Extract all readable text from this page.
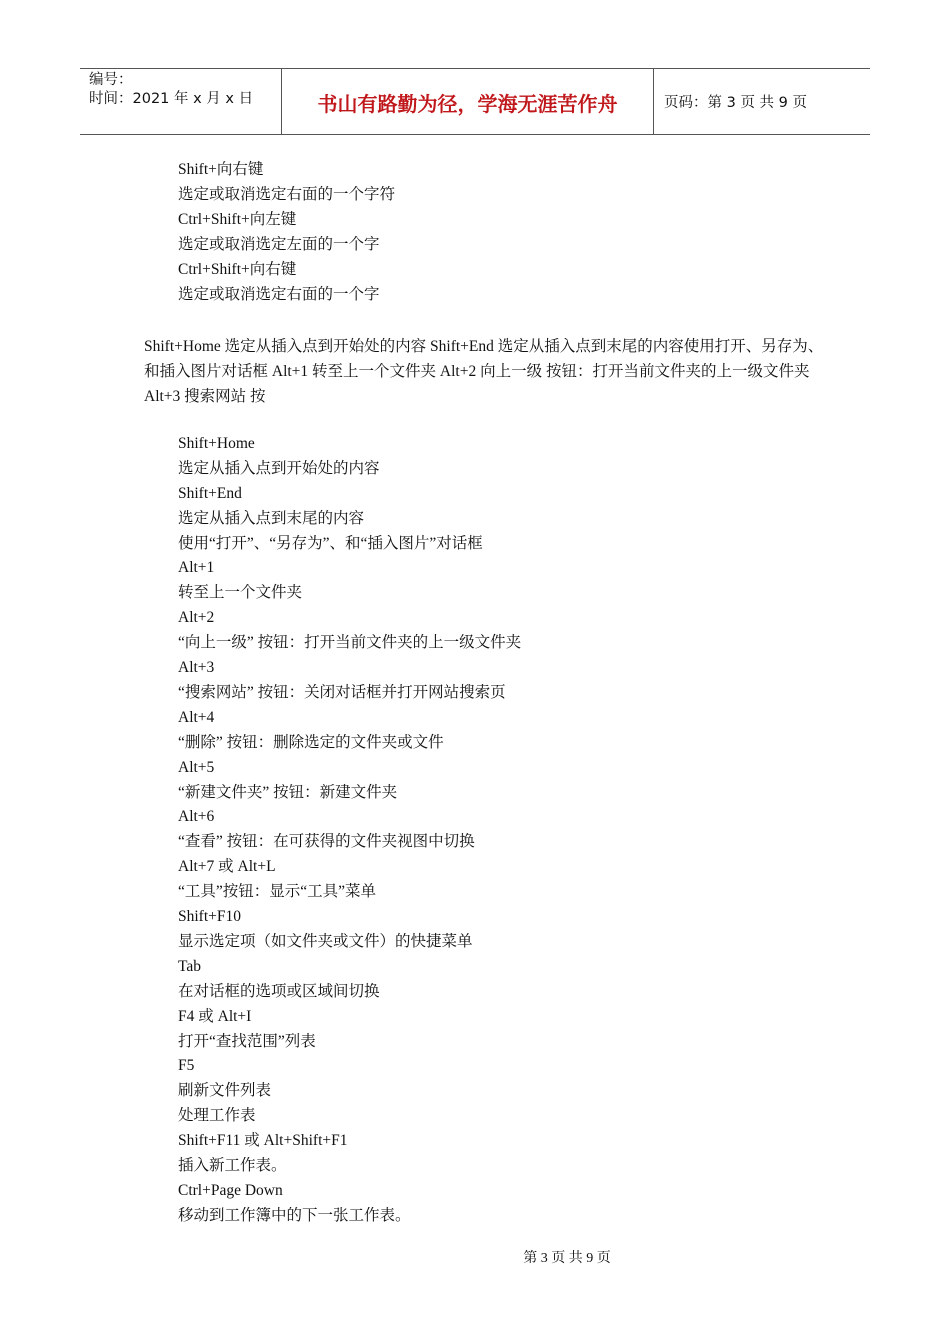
编号：
时间：2021 年 x 月 x 日	书山有路勤为径，学海无涯苦作舟	页码：第 3 页 共 9 页
Shift+向右键
选定或取消选定右面的一个字符
Ctrl+Shift+向左键
选定或取消选定左面的一个字
Ctrl+Shift+向右键
选定或取消选定右面的一个字
Shift+Home 选定从插入点到开始处的内容 Shift+End 选定从插入点到末尾的内容使用打开、另存为、和插入图片对话框 Alt+1 转至上一个文件夹 Alt+2 向上一级 按钮：打开当前文件夹的上一级文件夹 Alt+3 搜索网站 按
Shift+Home
选定从插入点到开始处的内容
Shift+End
选定从插入点到末尾的内容
使用“打开”、“另存为”、和“插入图片”对话框
Alt+1
转至上一个文件夹
Alt+2
“向上一级” 按钮：打开当前文件夹的上一级文件夹
Alt+3
“搜索网站” 按钮：关闭对话框并打开网站搜索页
Alt+4
“删除” 按钮：删除选定的文件夹或文件
Alt+5
“新建文件夹” 按钮：新建文件夹
Alt+6
“查看” 按钮：在可获得的文件夹视图中切换
Alt+7 或 Alt+L
“工具”按钮：显示“工具”菜单
Shift+F10
显示选定项（如文件夹或文件）的快捷菜单
Tab
在对话框的选项或区域间切换
F4 或 Alt+I
打开“查找范围”列表
F5
刷新文件列表
处理工作表
Shift+F11 或 Alt+Shift+F1
插入新工作表。
Ctrl+Page Down
移动到工作簿中的下一张工作表。
第 3 页 共 9 页
